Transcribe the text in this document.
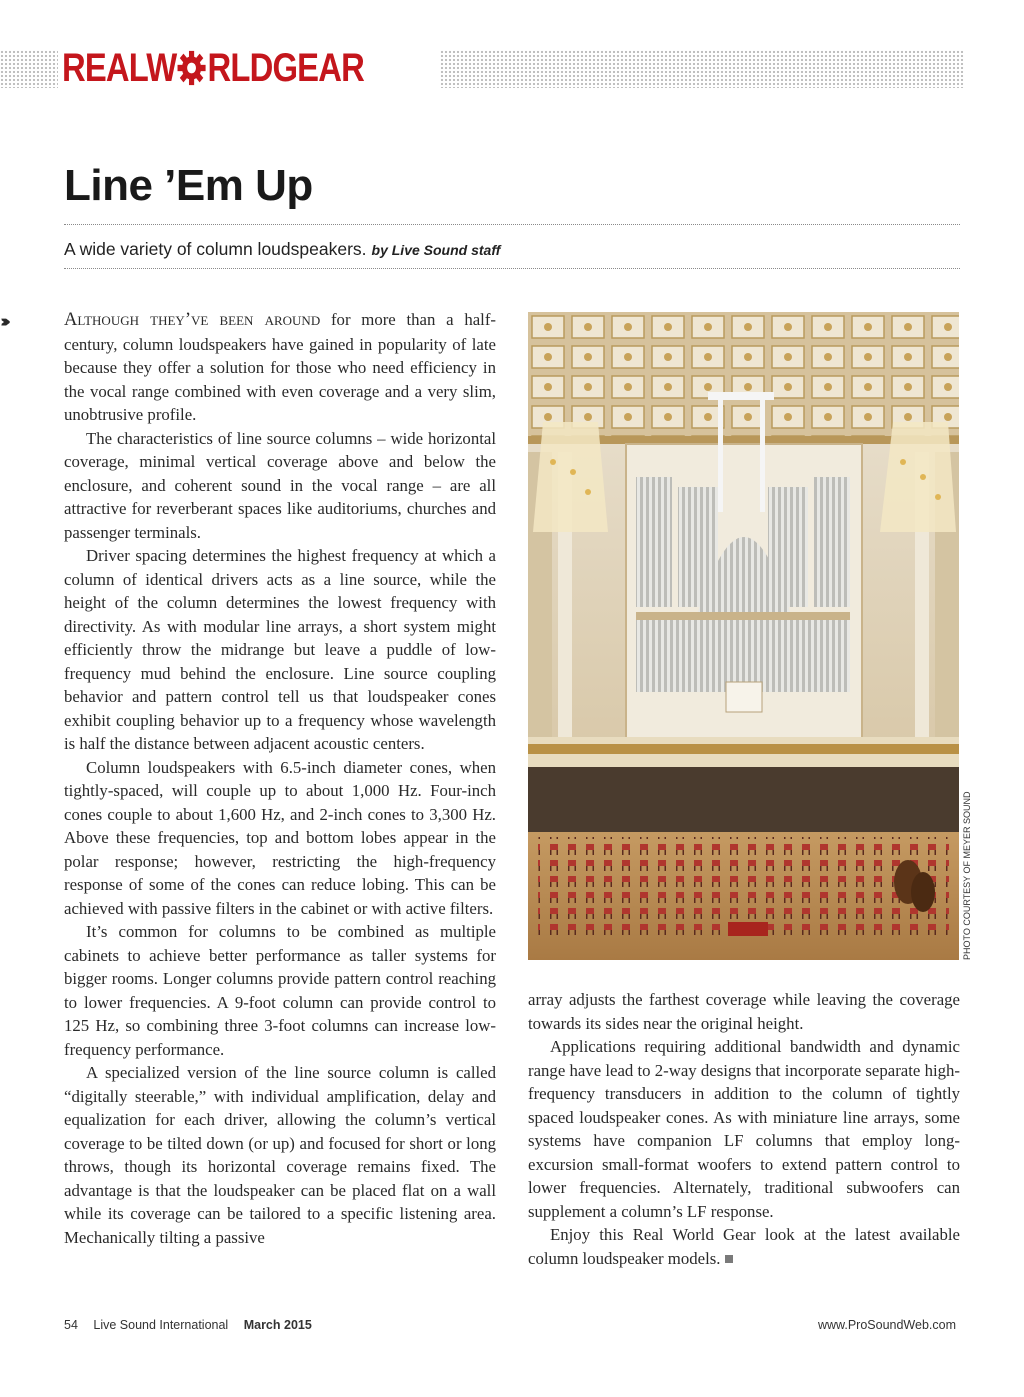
REALW RLDGEAR
Line ’Em Up
A wide variety of column loudspeakers. by Live Sound staff
›››››	Although they’ve been around for more than a half-century, column loudspeakers have gained in popularity of late because they offer a solution for those who need efficiency in the vocal range combined with even coverage and a very slim, unobtrusive profile.

The characteristics of line source columns – wide horizontal coverage, minimal vertical coverage above and below the enclosure, and coherent sound in the vocal range – are all attractive for reverberant spaces like auditoriums, churches and passenger terminals.

Driver spacing determines the highest frequency at which a column of identical drivers acts as a line source, while the height of the column determines the lowest frequency with directivity. As with modular line arrays, a short system might efficiently throw the midrange but leave a puddle of low-frequency mud behind the enclosure. Line source coupling behavior and pattern control tell us that loudspeaker cones exhibit coupling behavior up to a frequency whose wavelength is half the distance between adjacent acoustic centers.

Column loudspeakers with 6.5-inch diameter cones, when tightly-spaced, will couple up to about 1,000 Hz. Four-inch cones couple to about 1,600 Hz, and 2-inch cones to 3,300 Hz. Above these frequencies, top and bottom lobes appear in the polar response; however, restricting the high-frequency response of some of the cones can reduce lobing. This can be achieved with passive filters in the cabinet or with active filters.

It’s common for columns to be combined as multiple cabinets to achieve better performance as taller systems for bigger rooms. Longer columns provide pattern control reaching to lower frequencies. A 9-foot column can provide control to 125 Hz, so combining three 3-foot columns can increase low-frequency performance.

A specialized version of the line source column is called “digitally steerable,” with individual amplification, delay and equalization for each driver, allowing the column’s vertical coverage to be tilted down (or up) and focused for short or long throws, though its horizontal coverage remains fixed. The advantage is that the loudspeaker can be placed flat on a wall while its coverage can be tailored to a specific listening area. Mechanically tilting a passive

PHOTO COURTESY OF MEYER SOUND

array adjusts the farthest coverage while leaving the coverage towards its sides near the original height.

Applications requiring additional bandwidth and dynamic range have lead to 2-way designs that incorporate separate high-frequency transducers in addition to the column of tightly spaced loudspeaker cones. As with miniature line arrays, some systems have companion LF columns that employ long-excursion small-format woofers to extend pattern control to lower frequencies. Alternately, traditional subwoofers can supplement a column’s LF response.

Enjoy this Real World Gear look at the latest available column loudspeaker models.

54 Live Sound International March 2015	www.ProSoundWeb.com
